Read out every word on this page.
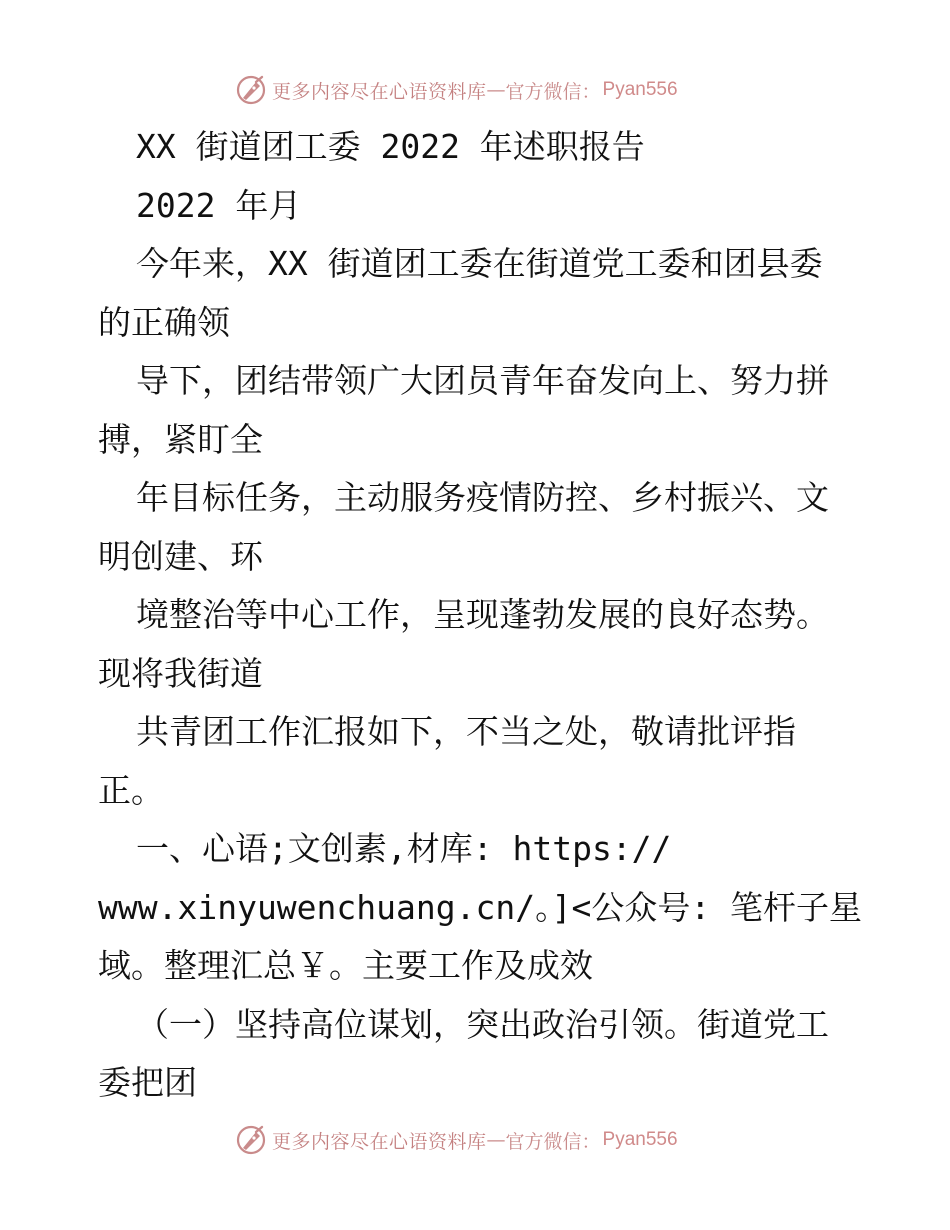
更多内容尽在心语资料库 — 官方微信： Pyan556
XX 街道团工委 2022 年述职报告
2022 年月
今年来，XX 街道团工委在街道党工委和团县委
的正确领
导下，团结带领广大团员青年奋发向上、努力拼
搏，紧盯全
年目标任务，主动服务疫情防控、乡村振兴、文
明创建、环
境整治等中心工作，呈现蓬勃发展的良好态势。
现将我街道
共青团工作汇报如下，不当之处，敬请批评指
正。
一、心语;文创素,材库: https://
www.xinyuwenchuang.cn/。]<公众号: 笔杆子星
域。整理汇总￥。主要工作及成效
（一）坚持高位谋划，突出政治引领。街道党工
委把团
更多内容尽在心语资料库 — 官方微信： Pyan556
